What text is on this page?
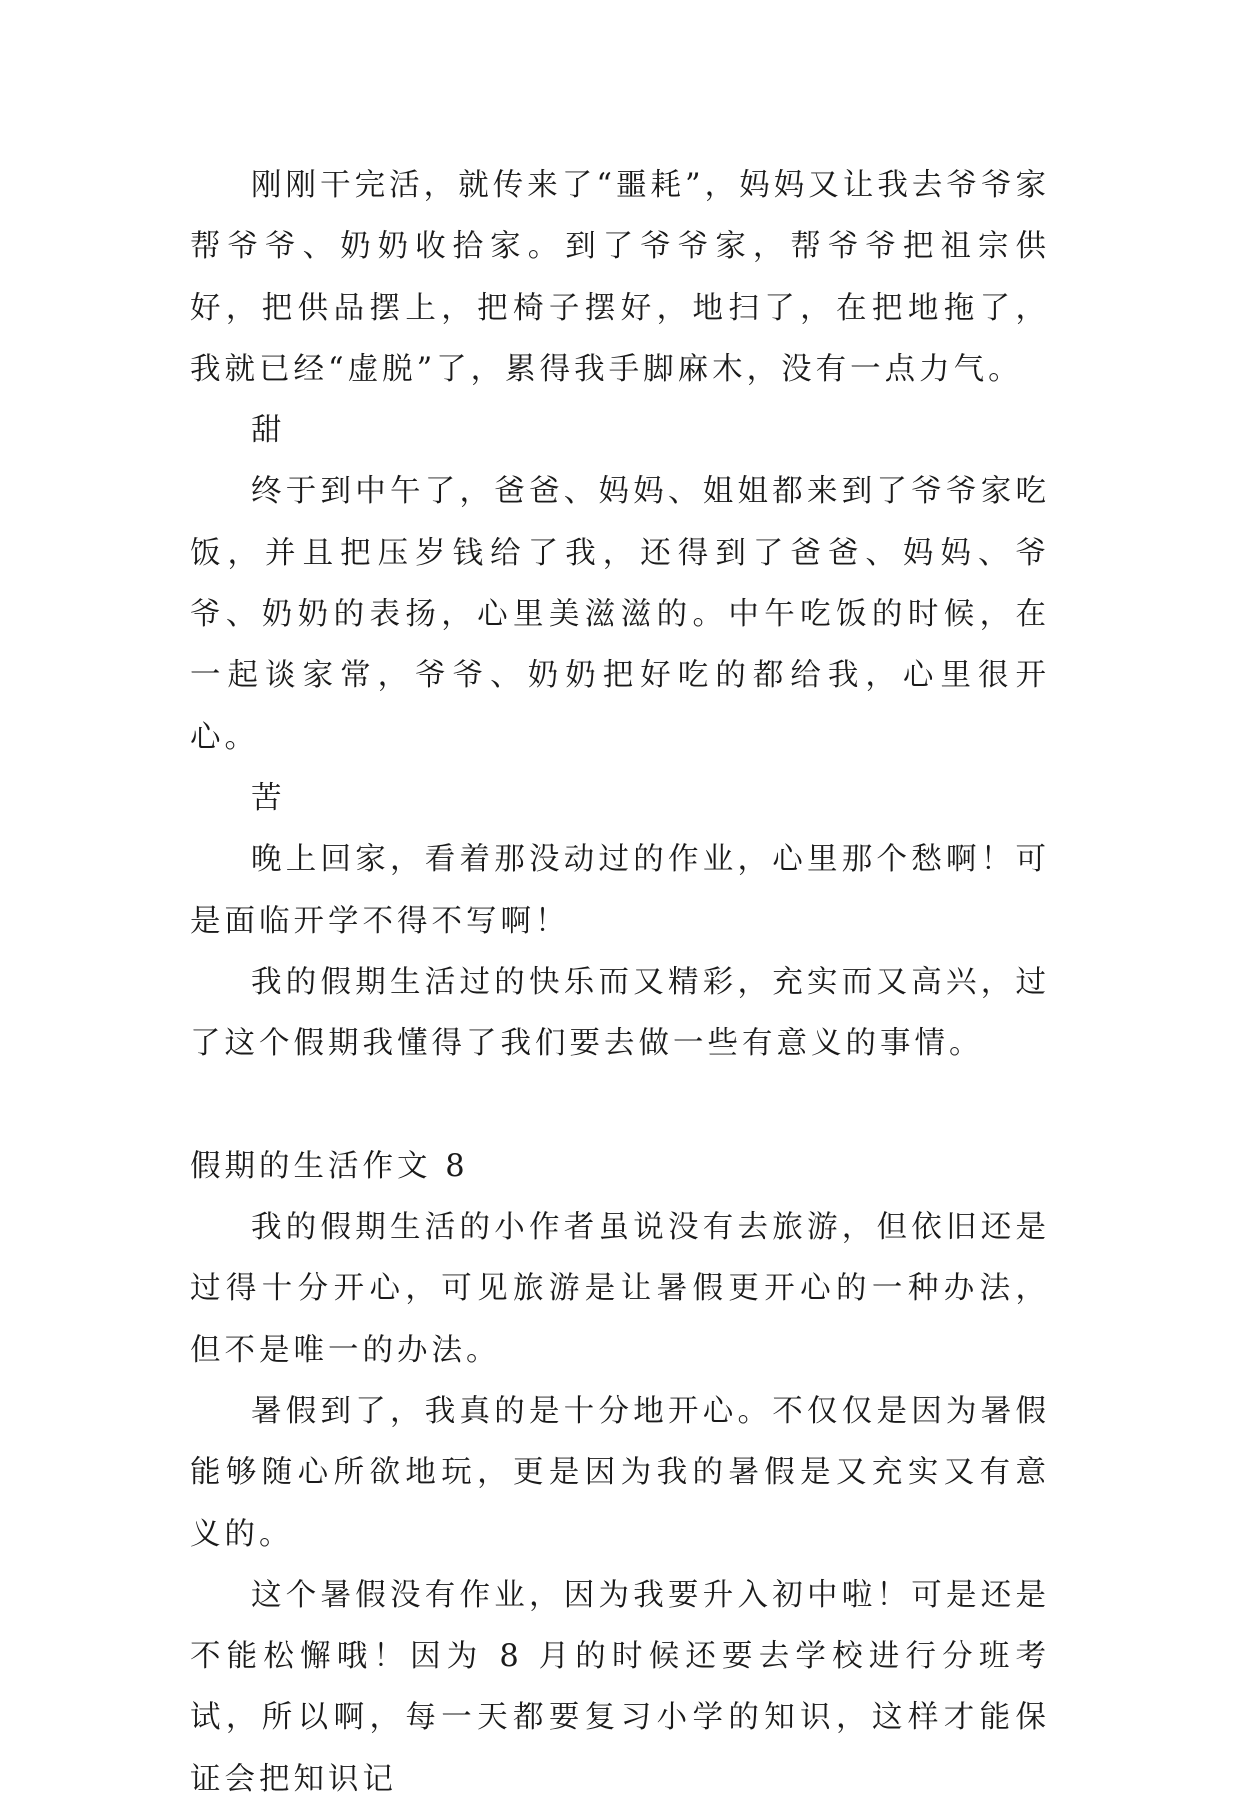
刚刚干完活，就传来了“噩耗”，妈妈又让我去爷爷家帮爷爷、奶奶收拾家。到了爷爷家，帮爷爷把祖宗供好，把供品摆上，把椅子摆好，地扫了，在把地拖了，我就已经“虚脱”了，累得我手脚麻木，没有一点力气。

甜

终于到中午了，爸爸、妈妈、姐姐都来到了爷爷家吃饭，并且把压岁钱给了我，还得到了爸爸、妈妈、爷爷、奶奶的表扬，心里美滋滋的。中午吃饭的时候，在一起谈家常，爷爷、奶奶把好吃的都给我，心里很开心。

苦

晚上回家，看着那没动过的作业，心里那个愁啊！可是面临开学不得不写啊！

我的假期生活过的快乐而又精彩，充实而又高兴，过了这个假期我懂得了我们要去做一些有意义的事情。

假期的生活作文 8

我的假期生活的小作者虽说没有去旅游，但依旧还是过得十分开心，可见旅游是让暑假更开心的一种办法，但不是唯一的办法。

暑假到了，我真的是十分地开心。不仅仅是因为暑假能够随心所欲地玩，更是因为我的暑假是又充实又有意义的。

这个暑假没有作业，因为我要升入初中啦！可是还是不能松懈哦！因为 8 月的时候还要去学校进行分班考试，所以啊，每一天都要复习小学的知识，这样才能保证会把知识记
